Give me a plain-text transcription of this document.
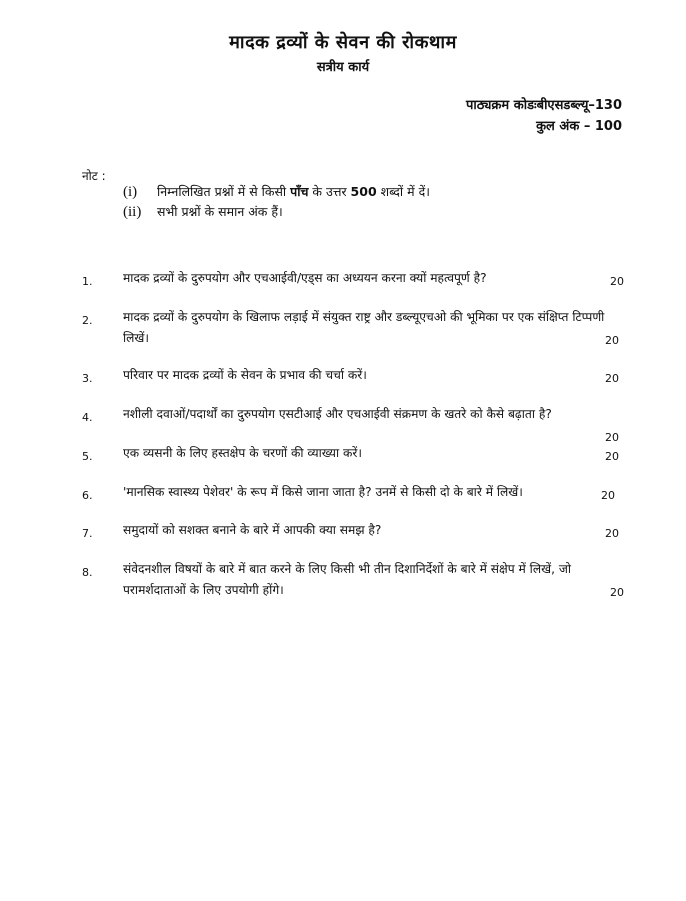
मादक द्रव्यों के सेवन की रोकथाम
सत्रीय कार्य
पाठ्यक्रम कोडःबीएसडब्ल्यू–130
कुल अंक – 100
नोट :
(i) निम्नलिखित प्रश्नों में से किसी पाँच के उत्तर 500 शब्दों में दें।
(ii) सभी प्रश्नों के समान अंक हैं।
1.	मादक द्रव्यों के दुरुपयोग और एचआईवी/एड्स का अध्ययन करना क्यों महत्वपूर्ण है?	20
2.	मादक द्रव्यों के दुरुपयोग के खिलाफ लड़ाई में संयुक्त राष्ट्र और डब्ल्यूएचओ की भूमिका पर एक संक्षिप्त टिप्पणी लिखें।	20
3.	परिवार पर मादक द्रव्यों के सेवन के प्रभाव की चर्चा करें।	20
4.	नशीली दवाओं/पदार्थों का दुरुपयोग एसटीआई और एचआईवी संक्रमण के खतरे को कैसे बढ़ाता है?
20
5.	एक व्यसनी के लिए हस्तक्षेप के चरणों की व्याख्या करें।	20
6.	'मानसिक स्वास्थ्य पेशेवर' के रूप में किसे जाना जाता है? उनमें से किसी दो के बारे में लिखें।	20
7.	समुदायों को सशक्त बनाने के बारे में आपकी क्या समझ है?	20
8.	संवेदनशील विषयों के बारे में बात करने के लिए किसी भी तीन दिशानिर्देशों के बारे में संक्षेप में लिखें, जो परामर्शदाताओं के लिए उपयोगी होंगे।	20
